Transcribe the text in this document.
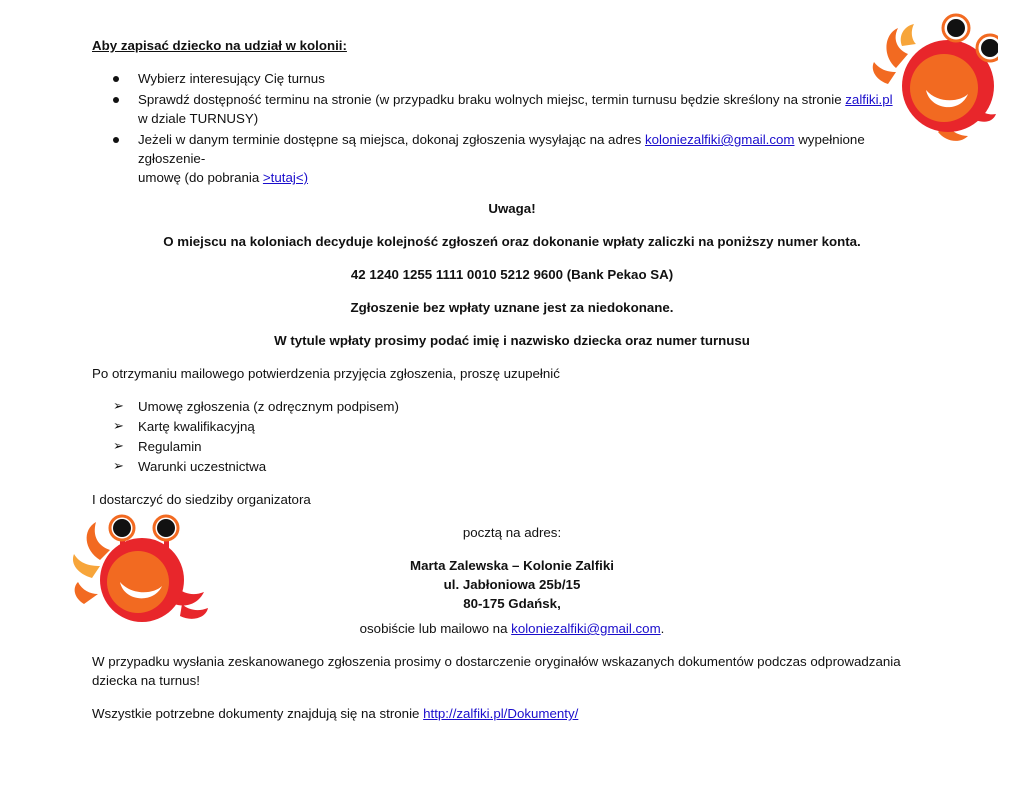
Aby zapisać dziecko na udział w kolonii:

Wybierz interesujący Cię turnus
Sprawdź dostępność terminu na stronie (w przypadku braku wolnych miejsc, termin turnusu będzie skreślony na stronie zalfiki.pl
w dziale TURNUSY)
Jeżeli w danym terminie dostępne są miejsca, dokonaj zgłoszenia wysyłając na adres koloniezalfiki@gmail.com wypełnione zgłoszenie-
umowę (do pobrania >tutaj<)

Uwaga!

O miejscu na koloniach decyduje kolejność zgłoszeń oraz dokonanie wpłaty zaliczki na poniższy numer konta.

42 1240 1255 1111 0010 5212 9600 (Bank Pekao SA)

Zgłoszenie bez wpłaty uznane jest za niedokonane.

W tytule wpłaty prosimy podać imię i nazwisko dziecka oraz numer turnusu

Po otrzymaniu mailowego potwierdzenia przyjęcia zgłoszenia, proszę uzupełnić

➢ Umowę zgłoszenia (z odręcznym podpisem)
➢ Kartę kwalifikacyjną
➢ Regulamin
➢ Warunki uczestnictwa

I dostarczyć do siedziby organizatora

pocztą na adres:

Marta Zalewska – Kolonie Zalfiki

ul. Jabłoniowa 25b/15

80-175 Gdańsk,

osobiście lub mailowo na koloniezalfiki@gmail.com.

W przypadku wysłania zeskanowanego zgłoszenia prosimy o dostarczenie oryginałów wskazanych dokumentów podczas odprowadzania dziecka na turnus!

Wszystkie potrzebne dokumenty znajdują się na stronie http://zalfiki.pl/Dokumenty/
